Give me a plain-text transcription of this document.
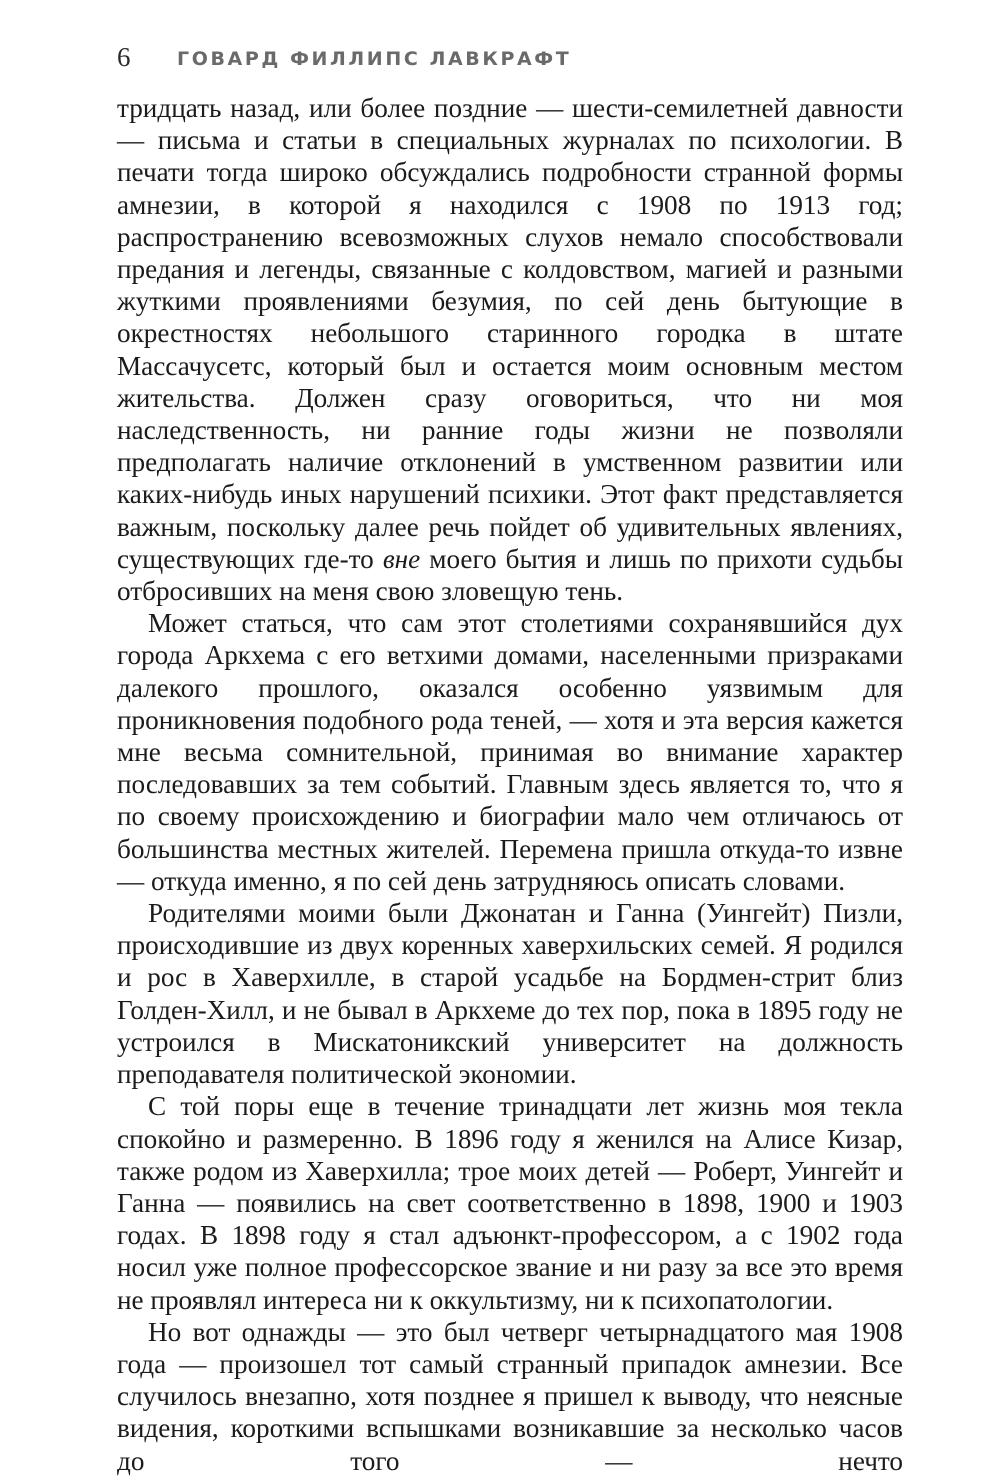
6 ГОВАРД ФИЛЛИПС ЛАВКРАФТ

тридцать назад, или более поздние — шести-семилетней давности — письма и статьи в специальных журналах по психологии. В печати тогда широко обсуждались подробности странной формы амнезии, в которой я находился с 1908 по 1913 год; распространению всевозможных слухов немало способствовали предания и легенды, связанные с колдовством, магией и разными жуткими проявлениями безумия, по сей день бытующие в окрестностях небольшого старинного городка в штате Массачусетс, который был и остается моим основным местом жительства. Должен сразу оговориться, что ни моя наследственность, ни ранние годы жизни не позволяли предполагать наличие отклонений в умственном развитии или каких-нибудь иных нарушений психики. Этот факт представляется важным, поскольку далее речь пойдет об удивительных явлениях, существующих где-то вне моего бытия и лишь по прихоти судьбы отбросивших на меня свою зловещую тень.

Может статься, что сам этот столетиями сохранявшийся дух города Аркхема с его ветхими домами, населенными призраками далекого прошлого, оказался особенно уязвимым для проникновения подобного рода теней, — хотя и эта версия кажется мне весьма сомнительной, принимая во внимание характер последовавших за тем событий. Главным здесь является то, что я по своему происхождению и биографии мало чем отличаюсь от большинства местных жителей. Перемена пришла откуда-то извне — откуда именно, я по сей день затрудняюсь описать словами.

Родителями моими были Джонатан и Ганна (Уингейт) Пизли, происходившие из двух коренных хаверхильских семей. Я родился и рос в Хаверхилле, в старой усадьбе на Бордмен-стрит близ Голден-Хилл, и не бывал в Аркхеме до тех пор, пока в 1895 году не устроился в Мискатоникский университет на должность преподавателя политической экономии.

С той поры еще в течение тринадцати лет жизнь моя текла спокойно и размеренно. В 1896 году я женился на Алисе Кизар, также родом из Хаверхилла; трое моих детей — Роберт, Уингейт и Ганна — появились на свет соответственно в 1898, 1900 и 1903 годах. В 1898 году я стал адъюнкт-профессором, а с 1902 года носил уже полное профессорское звание и ни разу за все это время не проявлял интереса ни к оккультизму, ни к психопатологии.

Но вот однажды — это был четверг четырнадцатого мая 1908 года — произошел тот самый странный припадок амнезии. Все случилось внезапно, хотя позднее я пришел к выводу, что неясные видения, короткими вспышками возникавшие за несколько часов до того — нечто
